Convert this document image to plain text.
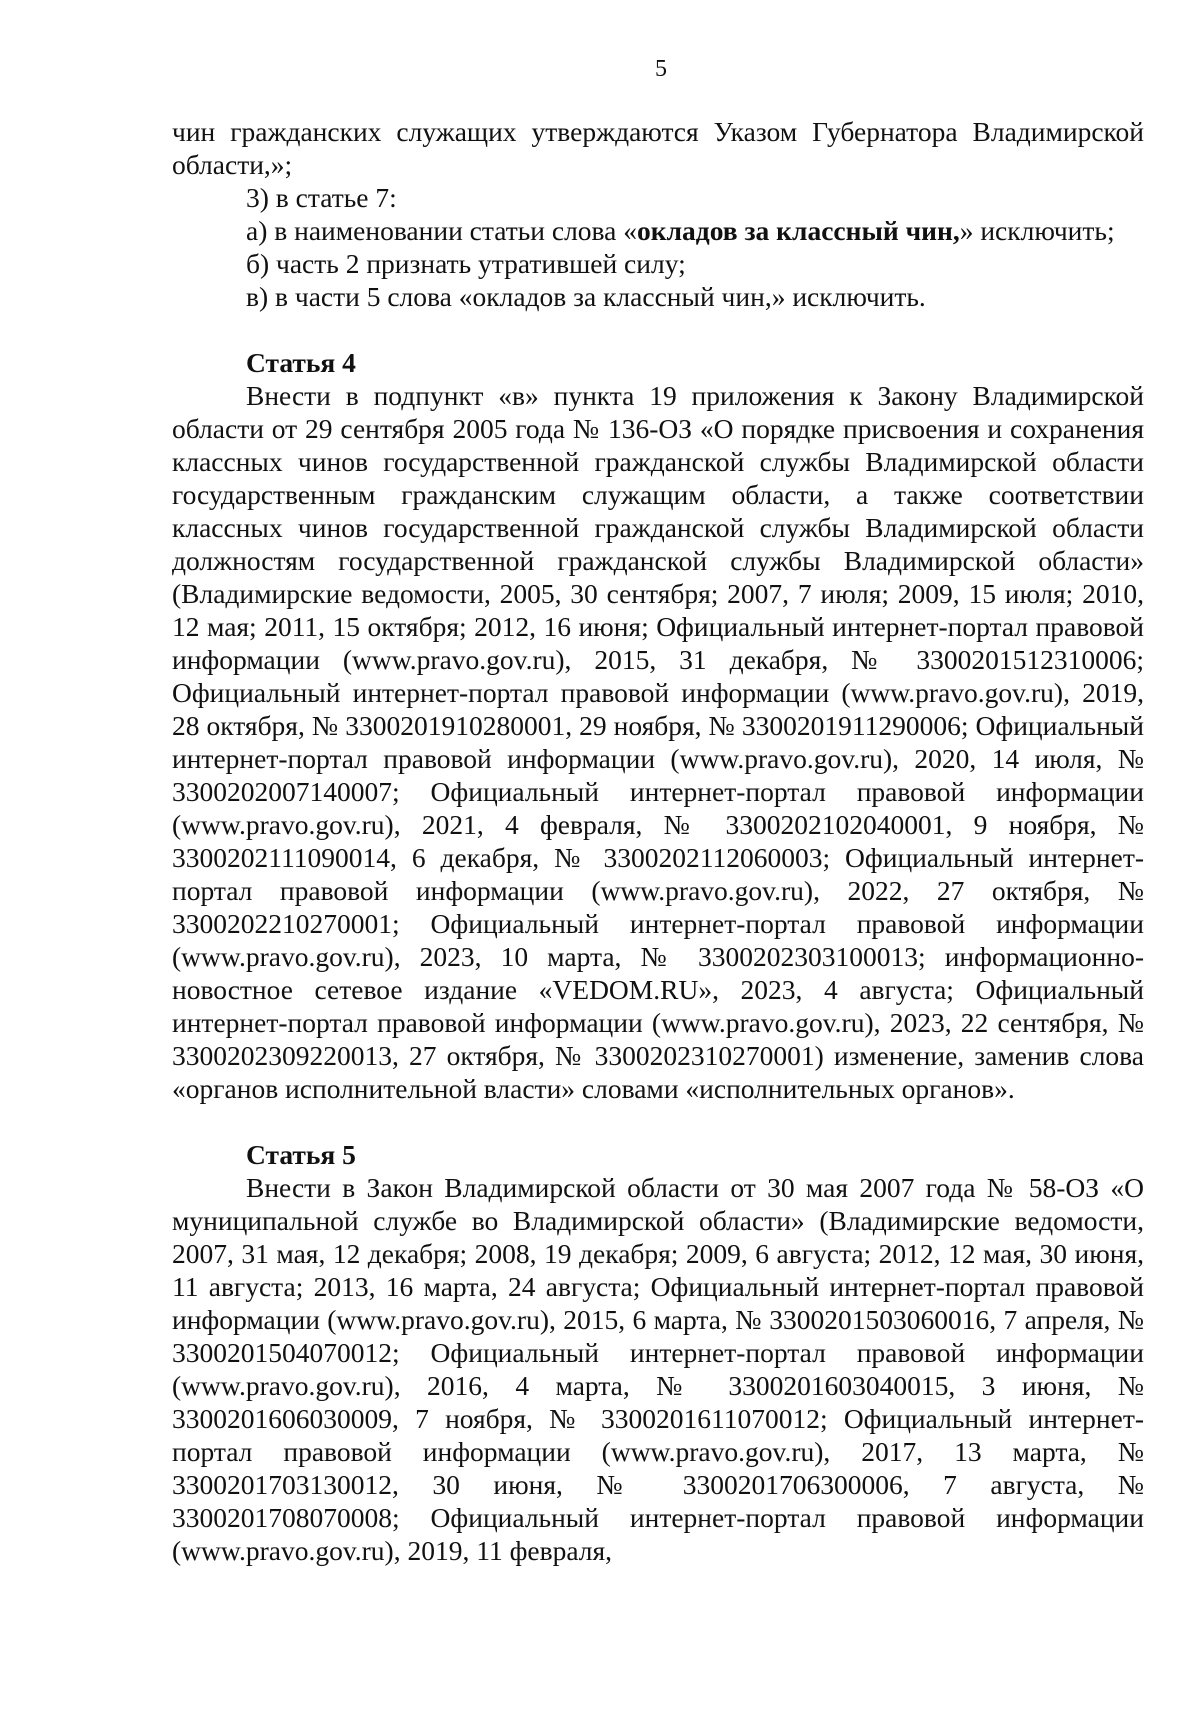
5

чин гражданских служащих утверждаются Указом Губернатора Владимирской области,»;

3) в статье 7:

а) в наименовании статьи слова «окладов за классный чин,» исключить;

б) часть 2 признать утратившей силу;

в) в части 5 слова «окладов за классный чин,» исключить.

Статья 4

Внести в подпункт «в» пункта 19 приложения к Закону Владимирской области от 29 сентября 2005 года № 136-ОЗ «О порядке присвоения и сохранения классных чинов государственной гражданской службы Владимирской области государственным гражданским служащим области, а также соответствии классных чинов государственной гражданской службы Владимирской области должностям государственной гражданской службы Владимирской области» (Владимирские ведомости, 2005, 30 сентября; 2007, 7 июля; 2009, 15 июля; 2010, 12 мая; 2011, 15 октября; 2012, 16 июня; Официальный интернет-портал правовой информации (www.pravo.gov.ru), 2015, 31 декабря, № 3300201512310006; Официальный интернет-портал правовой информации (www.pravo.gov.ru), 2019, 28 октября, № 3300201910280001, 29 ноября, № 3300201911290006; Официальный интернет-портал правовой информации (www.pravo.gov.ru), 2020, 14 июля, № 3300202007140007; Официальный интернет-портал правовой информации (www.pravo.gov.ru), 2021, 4 февраля, № 3300202102040001, 9 ноября, № 3300202111090014, 6 декабря, № 3300202112060003; Официальный интернет-портал правовой информации (www.pravo.gov.ru), 2022, 27 октября, № 3300202210270001; Официальный интернет-портал правовой информации (www.pravo.gov.ru), 2023, 10 марта, № 3300202303100013; информационно-новостное сетевое издание «VEDOM.RU», 2023, 4 августа; Официальный интернет-портал правовой информации (www.pravo.gov.ru), 2023, 22 сентября, № 3300202309220013, 27 октября, № 3300202310270001) изменение, заменив слова «органов исполнительной власти» словами «исполнительных органов».

Статья 5

Внести в Закон Владимирской области от 30 мая 2007 года № 58-ОЗ «О муниципальной службе во Владимирской области» (Владимирские ведомости, 2007, 31 мая, 12 декабря; 2008, 19 декабря; 2009, 6 августа; 2012, 12 мая, 30 июня, 11 августа; 2013, 16 марта, 24 августа; Официальный интернет-портал правовой информации (www.pravo.gov.ru), 2015, 6 марта, № 3300201503060016, 7 апреля, № 3300201504070012; Официальный интернет-портал правовой информации (www.pravo.gov.ru), 2016, 4 марта, № 3300201603040015, 3 июня, № 3300201606030009, 7 ноября, № 3300201611070012; Официальный интернет-портал правовой информации (www.pravo.gov.ru), 2017, 13 марта, № 3300201703130012, 30 июня, № 3300201706300006, 7 августа, № 3300201708070008; Официальный интернет-портал правовой информации (www.pravo.gov.ru), 2019, 11 февраля,
